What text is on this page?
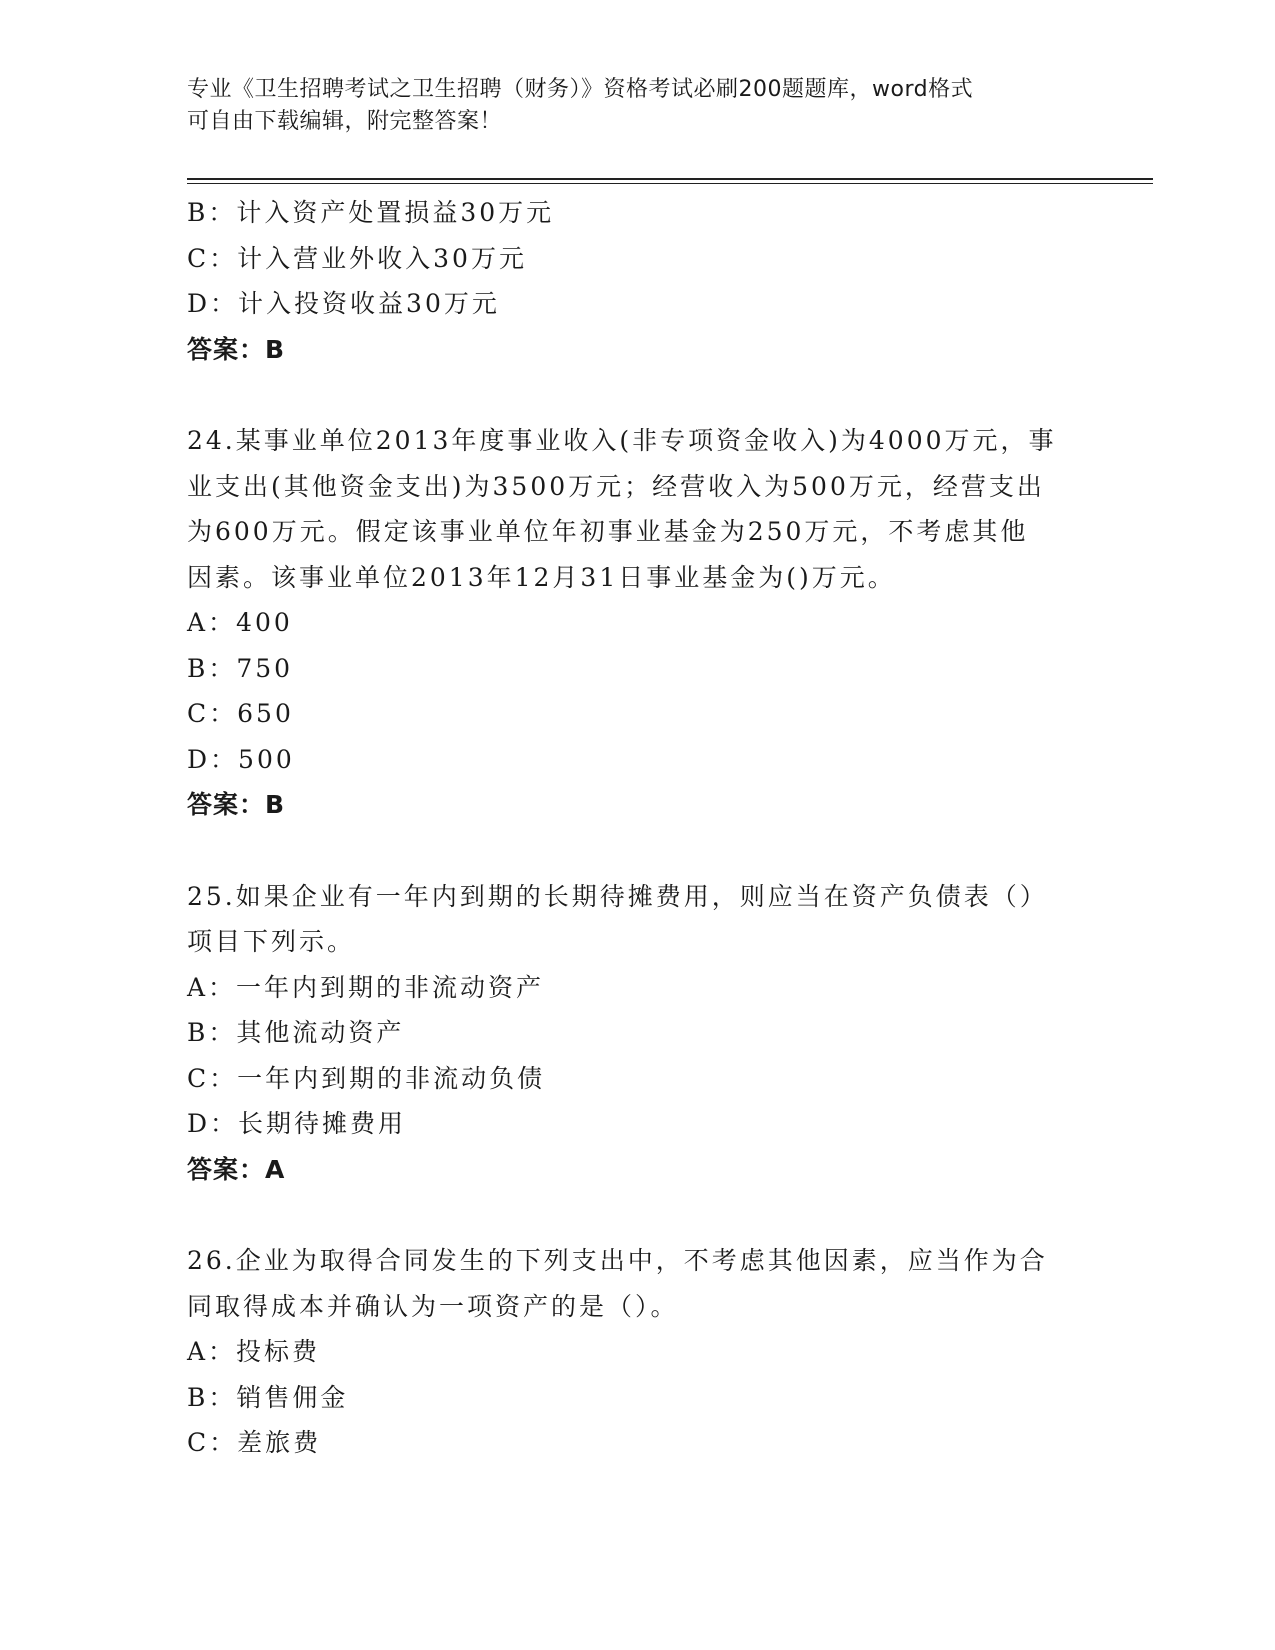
专业《卫生招聘考试之卫生招聘（财务）》资格考试必刷200题题库，word格式
可自由下载编辑，附完整答案！
B：计入资产处置损益30万元
C：计入营业外收入30万元
D：计入投资收益30万元
答案：B
24.某事业单位2013年度事业收入(非专项资金收入)为4000万元，事
业支出(其他资金支出)为3500万元；经营收入为500万元，经营支出
为600万元。假定该事业单位年初事业基金为250万元，不考虑其他
因素。该事业单位2013年12月31日事业基金为()万元。
A：400
B：750
C：650
D：500
答案：B
25.如果企业有一年内到期的长期待摊费用，则应当在资产负债表（）
项目下列示。
A：一年内到期的非流动资产
B：其他流动资产
C：一年内到期的非流动负债
D：长期待摊费用
答案：A
26.企业为取得合同发生的下列支出中，不考虑其他因素，应当作为合
同取得成本并确认为一项资产的是（）。
A：投标费
B：销售佣金
C：差旅费
